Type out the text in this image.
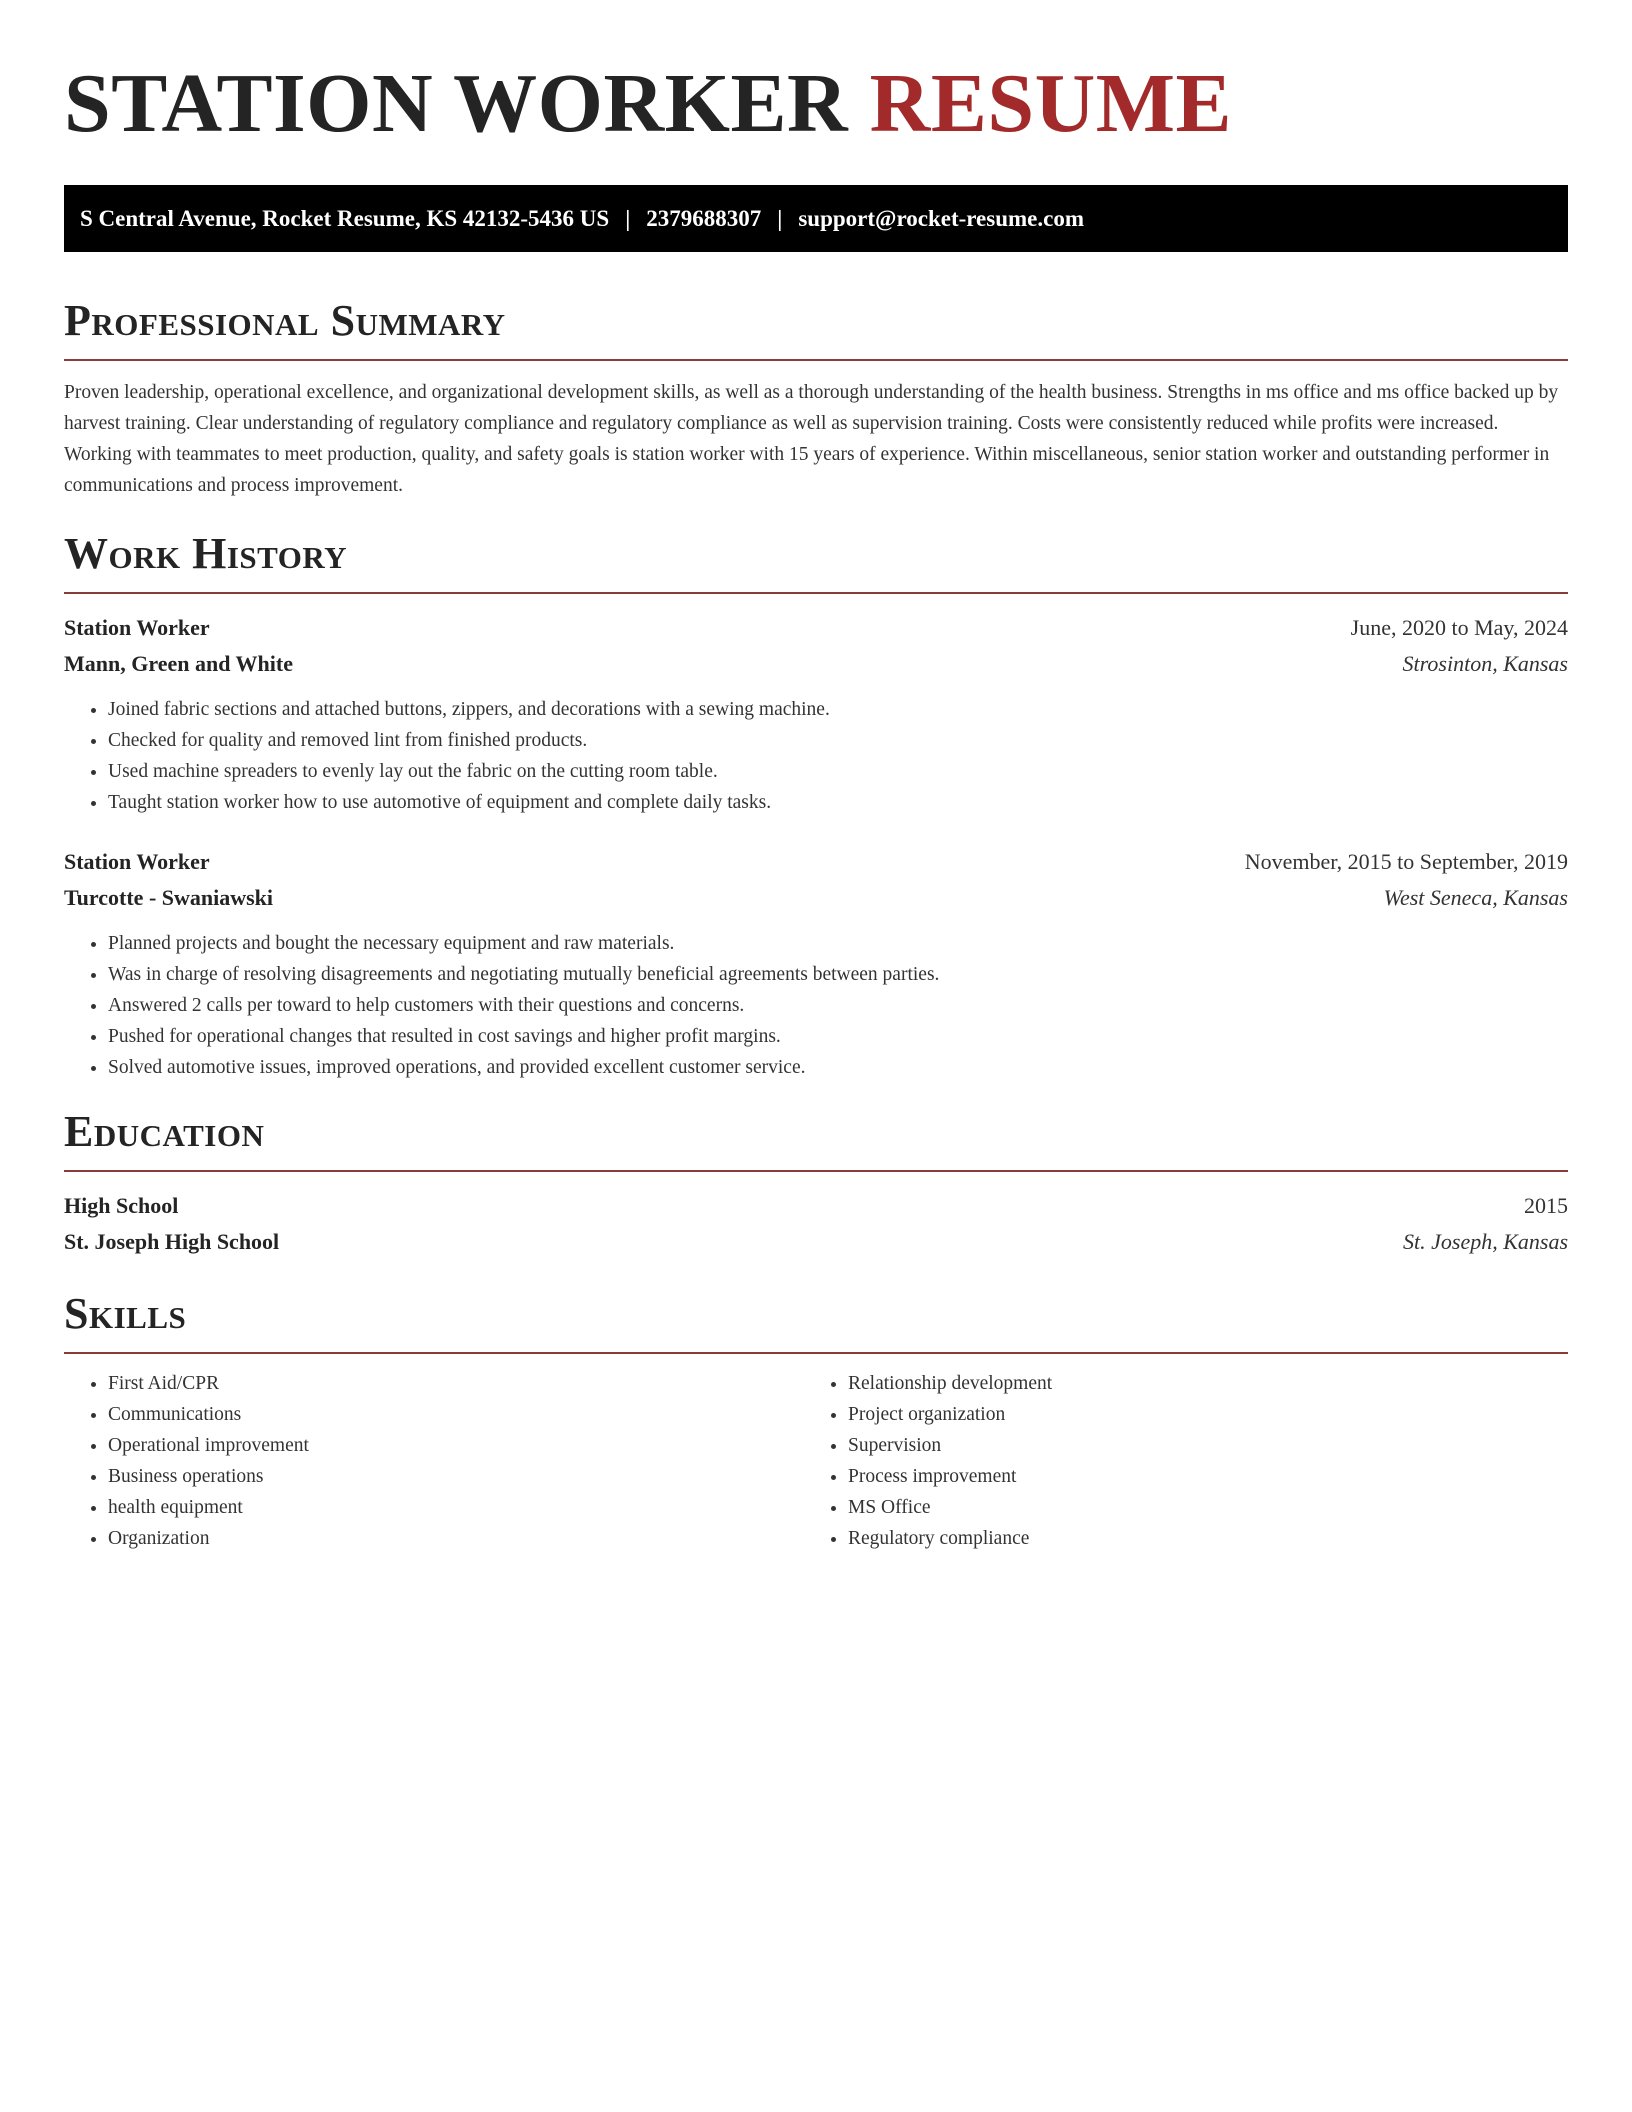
STATION WORKER RESUME
S Central Avenue, Rocket Resume, KS 42132-5436 US | 2379688307 | support@rocket-resume.com
Professional Summary

Proven leadership, operational excellence, and organizational development skills, as well as a thorough understanding of the health business. Strengths in ms office and ms office backed up by harvest training. Clear understanding of regulatory compliance and regulatory compliance as well as supervision training. Costs were consistently reduced while profits were increased. Working with teammates to meet production, quality, and safety goals is station worker with 15 years of experience. Within miscellaneous, senior station worker and outstanding performer in communications and process improvement.

Work History
Station Worker	June, 2020 to May, 2024
Mann, Green and White	Strosinton, Kansas
• Joined fabric sections and attached buttons, zippers, and decorations with a sewing machine.
• Checked for quality and removed lint from finished products.
• Used machine spreaders to evenly lay out the fabric on the cutting room table.
• Taught station worker how to use automotive of equipment and complete daily tasks.
Station Worker	November, 2015 to September, 2019
Turcotte - Swaniawski	West Seneca, Kansas
• Planned projects and bought the necessary equipment and raw materials.
• Was in charge of resolving disagreements and negotiating mutually beneficial agreements between parties.
• Answered 2 calls per toward to help customers with their questions and concerns.
• Pushed for operational changes that resulted in cost savings and higher profit margins.
• Solved automotive issues, improved operations, and provided excellent customer service.
Education
High School	2015
St. Joseph High School	St. Joseph, Kansas
Skills
• First Aid/CPR
• Communications
• Operational improvement
• Business operations
• health equipment
• Organization
• Relationship development
• Project organization
• Supervision
• Process improvement
• MS Office
• Regulatory compliance
